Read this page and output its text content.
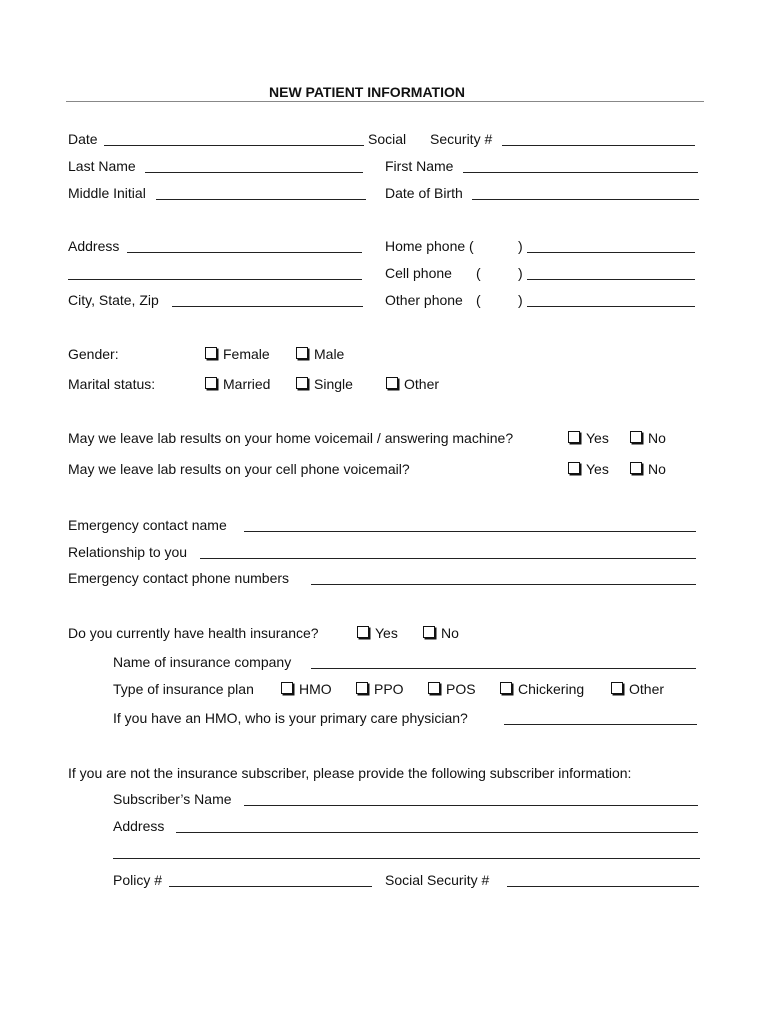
NEW PATIENT INFORMATION
Date	Social Security #
Last Name	First Name
Middle Initial	Date of Birth
Address	Home phone (	)
Cell phone (	)
City, State, Zip	Other phone (	)
Gender:	Female	Male
Marital status:	Married	Single	Other
May we leave lab results on your home voicemail / answering machine?	Yes	No
May we leave lab results on your cell phone voicemail?	Yes	No
Emergency contact name
Relationship to you
Emergency contact phone numbers
Do you currently have health insurance?	Yes	No
Name of insurance company
Type of insurance plan	HMO	PPO	POS	Chickering	Other
If you have an HMO, who is your primary care physician?
If you are not the insurance subscriber, please provide the following subscriber information:
Subscriber’s Name
Address
Policy #	Social Security #
